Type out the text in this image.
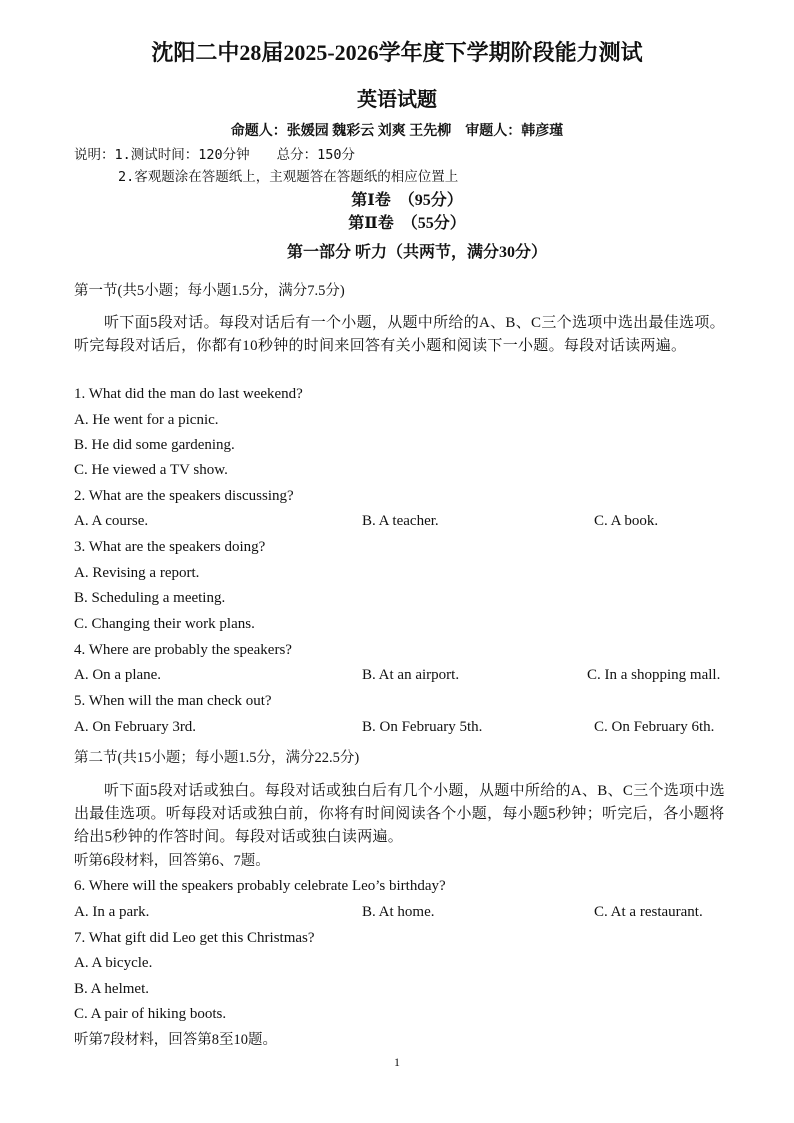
沈阳二中28届2025-2026学年度下学期阶段能力测试
英语试题
命题人：张媛园 魏彩云 刘爽 王先柳　审题人：韩彦瑾
说明：1.测试时间：120分钟　　总分：150分
2.客观题涂在答题纸上，主观题答在答题纸的相应位置上
第Ⅰ卷　（95分）
第Ⅱ卷　（55分）
第一部分 听力（共两节，满分30分）
第一节(共5小题；每小题1.5分，满分7.5分)
听下面5段对话。每段对话后有一个小题，从题中所给的A、B、C三个选项中选出最佳选项。听完每段对话后，你都有10秒钟的时间来回答有关小题和阅读下一小题。每段对话读两遍。
1. What did the man do last weekend?
A. He went for a picnic.
B. He did some gardening.
C. He viewed a TV show.
2. What are the speakers discussing?
A. A course.	B. A teacher.	C. A book.
3. What are the speakers doing?
A. Revising a report.
B. Scheduling a meeting.
C. Changing their work plans.
4. Where are probably the speakers?
A. On a plane.	B. At an airport.	C. In a shopping mall.
5. When will the man check out?
A. On February 3rd.	B. On February 5th.	C. On February 6th.
第二节(共15小题；每小题1.5分，满分22.5分)
听下面5段对话或独白。每段对话或独白后有几个小题，从题中所给的A、B、C三个选项中选出最佳选项。听每段对话或独白前，你将有时间阅读各个小题，每小题5秒钟；听完后，各小题将给出5秒钟的作答时间。每段对话或独白读两遍。
听第6段材料，回答第6、7题。
6. Where will the speakers probably celebrate Leo’s birthday?
A. In a park.	B. At home.	C. At a restaurant.
7. What gift did Leo get this Christmas?
A. A bicycle.
B. A helmet.
C. A pair of hiking boots.
听第7段材料，回答第8至10题。
1
